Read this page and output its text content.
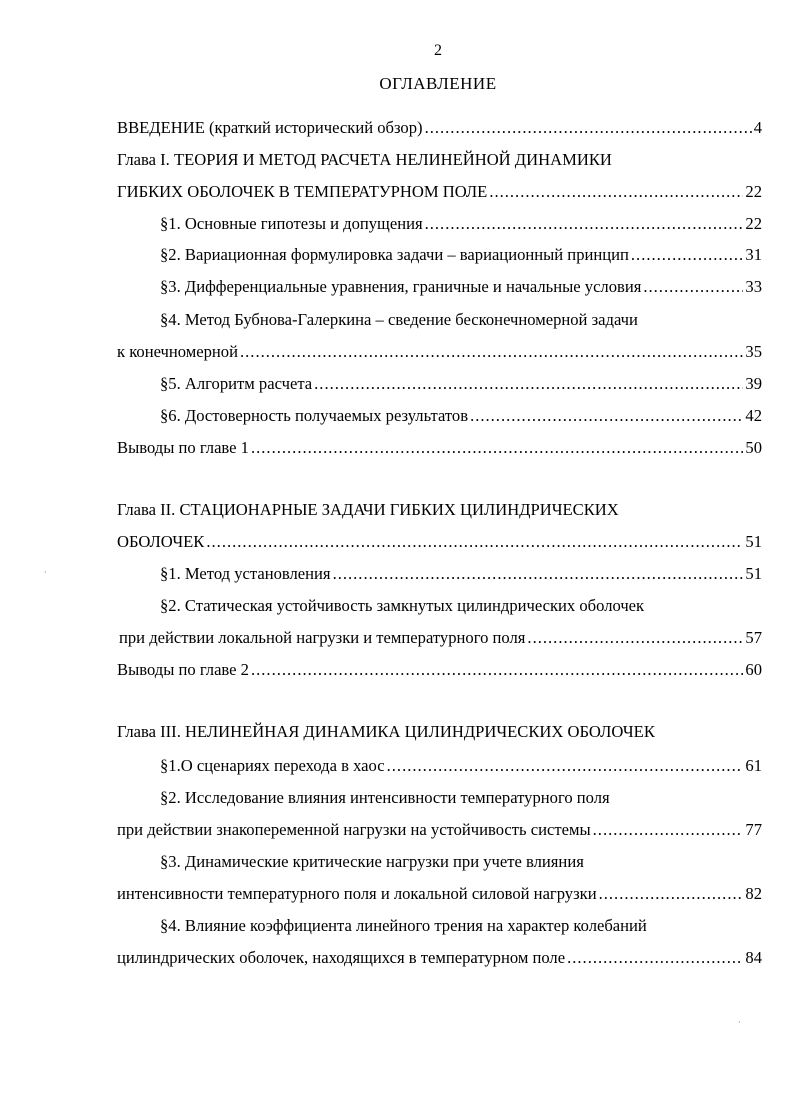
2
ОГЛАВЛЕНИЕ
ВВЕДЕНИЕ (краткий исторический обзор) .....	4
Глава I. ТЕОРИЯ И МЕТОД РАСЧЕТА НЕЛИНЕЙНОЙ ДИНАМИКИ
ГИБКИХ ОБОЛОЧЕК В ТЕМПЕРАТУРНОМ ПОЛЕ .....	22
§1. Основные гипотезы и допущения .....	22
§2. Вариационная формулировка задачи – вариационный принцип .....	31
§3. Дифференциальные уравнения, граничные и начальные условия .....	33
§4. Метод Бубнова-Галеркина – сведение бесконечномерной задачи
к конечномерной .....	35
§5. Алгоритм расчета .....	39
§6. Достоверность получаемых результатов .....	42
Выводы по главе 1 .....	50
Глава II. СТАЦИОНАРНЫЕ ЗАДАЧИ ГИБКИХ ЦИЛИНДРИЧЕСКИХ
ОБОЛОЧЕК .....	51
§1. Метод установления .....	51
§2. Статическая устойчивость замкнутых цилиндрических оболочек
при действии локальной нагрузки и температурного поля .....	57
Выводы по главе 2 .....	60
Глава III. НЕЛИНЕЙНАЯ ДИНАМИКА ЦИЛИНДРИЧЕСКИХ ОБОЛОЧЕК
§1.О сценариях перехода в хаос .....	61
§2. Исследование влияния интенсивности температурного поля
при действии знакопеременной нагрузки на устойчивость системы .....	77
§3. Динамические критические нагрузки при учете влияния
интенсивности температурного поля и локальной силовой нагрузки .....	82
§4. Влияние коэффициента линейного трения на характер колебаний
цилиндрических оболочек, находящихся в температурном поле .....	84
·
·
